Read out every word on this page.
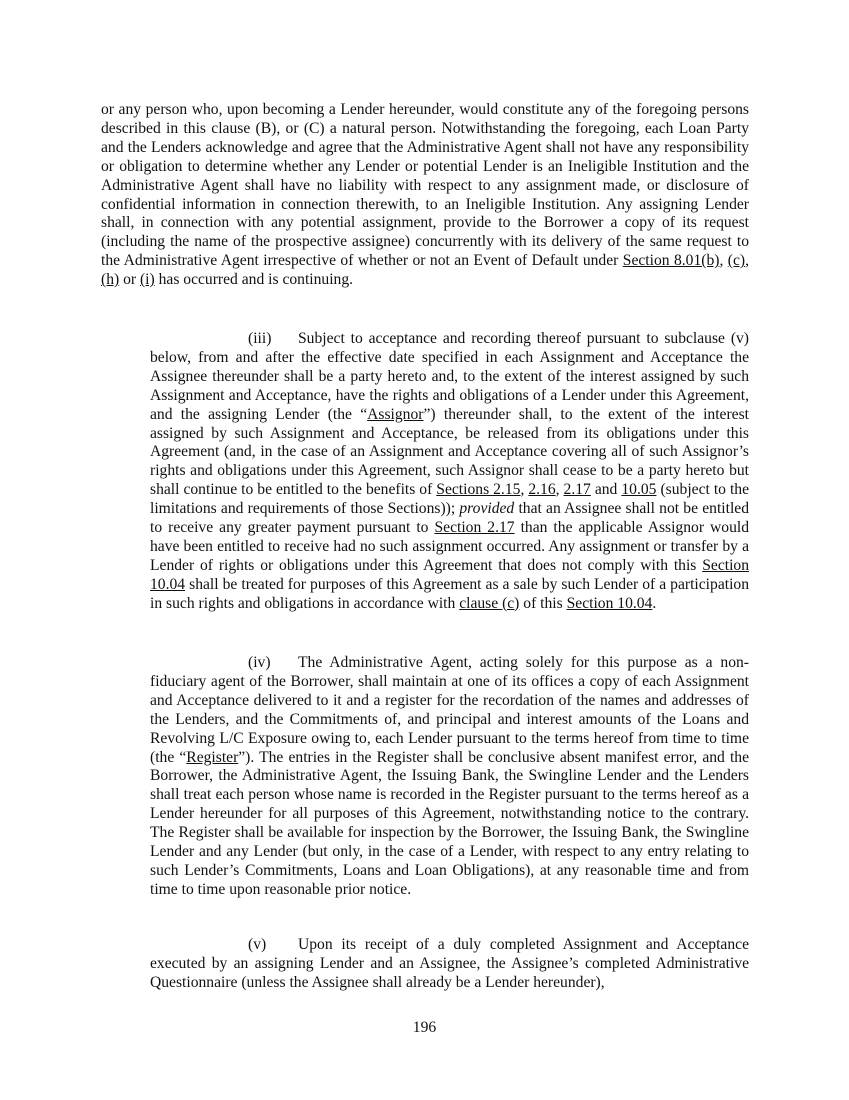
or any person who, upon becoming a Lender hereunder, would constitute any of the foregoing persons described in this clause (B), or (C) a natural person. Notwithstanding the foregoing, each Loan Party and the Lenders acknowledge and agree that the Administrative Agent shall not have any responsibility or obligation to determine whether any Lender or potential Lender is an Ineligible Institution and the Administrative Agent shall have no liability with respect to any assignment made, or disclosure of confidential information in connection therewith, to an Ineligible Institution. Any assigning Lender shall, in connection with any potential assignment, provide to the Borrower a copy of its request (including the name of the prospective assignee) concurrently with its delivery of the same request to the Administrative Agent irrespective of whether or not an Event of Default under Section 8.01(b), (c), (h) or (i) has occurred and is continuing.

(iii) Subject to acceptance and recording thereof pursuant to subclause (v) below, from and after the effective date specified in each Assignment and Acceptance the Assignee thereunder shall be a party hereto and, to the extent of the interest assigned by such Assignment and Acceptance, have the rights and obligations of a Lender under this Agreement, and the assigning Lender (the “Assignor”) thereunder shall, to the extent of the interest assigned by such Assignment and Acceptance, be released from its obligations under this Agreement (and, in the case of an Assignment and Acceptance covering all of such Assignor’s rights and obligations under this Agreement, such Assignor shall cease to be a party hereto but shall continue to be entitled to the benefits of Sections 2.15, 2.16, 2.17 and 10.05 (subject to the limitations and requirements of those Sections)); provided that an Assignee shall not be entitled to receive any greater payment pursuant to Section 2.17 than the applicable Assignor would have been entitled to receive had no such assignment occurred. Any assignment or transfer by a Lender of rights or obligations under this Agreement that does not comply with this Section 10.04 shall be treated for purposes of this Agreement as a sale by such Lender of a participation in such rights and obligations in accordance with clause (c) of this Section 10.04.

(iv) The Administrative Agent, acting solely for this purpose as a non-fiduciary agent of the Borrower, shall maintain at one of its offices a copy of each Assignment and Acceptance delivered to it and a register for the recordation of the names and addresses of the Lenders, and the Commitments of, and principal and interest amounts of the Loans and Revolving L/C Exposure owing to, each Lender pursuant to the terms hereof from time to time (the “Register”). The entries in the Register shall be conclusive absent manifest error, and the Borrower, the Administrative Agent, the Issuing Bank, the Swingline Lender and the Lenders shall treat each person whose name is recorded in the Register pursuant to the terms hereof as a Lender hereunder for all purposes of this Agreement, notwithstanding notice to the contrary. The Register shall be available for inspection by the Borrower, the Issuing Bank, the Swingline Lender and any Lender (but only, in the case of a Lender, with respect to any entry relating to such Lender’s Commitments, Loans and Loan Obligations), at any reasonable time and from time to time upon reasonable prior notice.

(v) Upon its receipt of a duly completed Assignment and Acceptance executed by an assigning Lender and an Assignee, the Assignee’s completed Administrative Questionnaire (unless the Assignee shall already be a Lender hereunder),

196
